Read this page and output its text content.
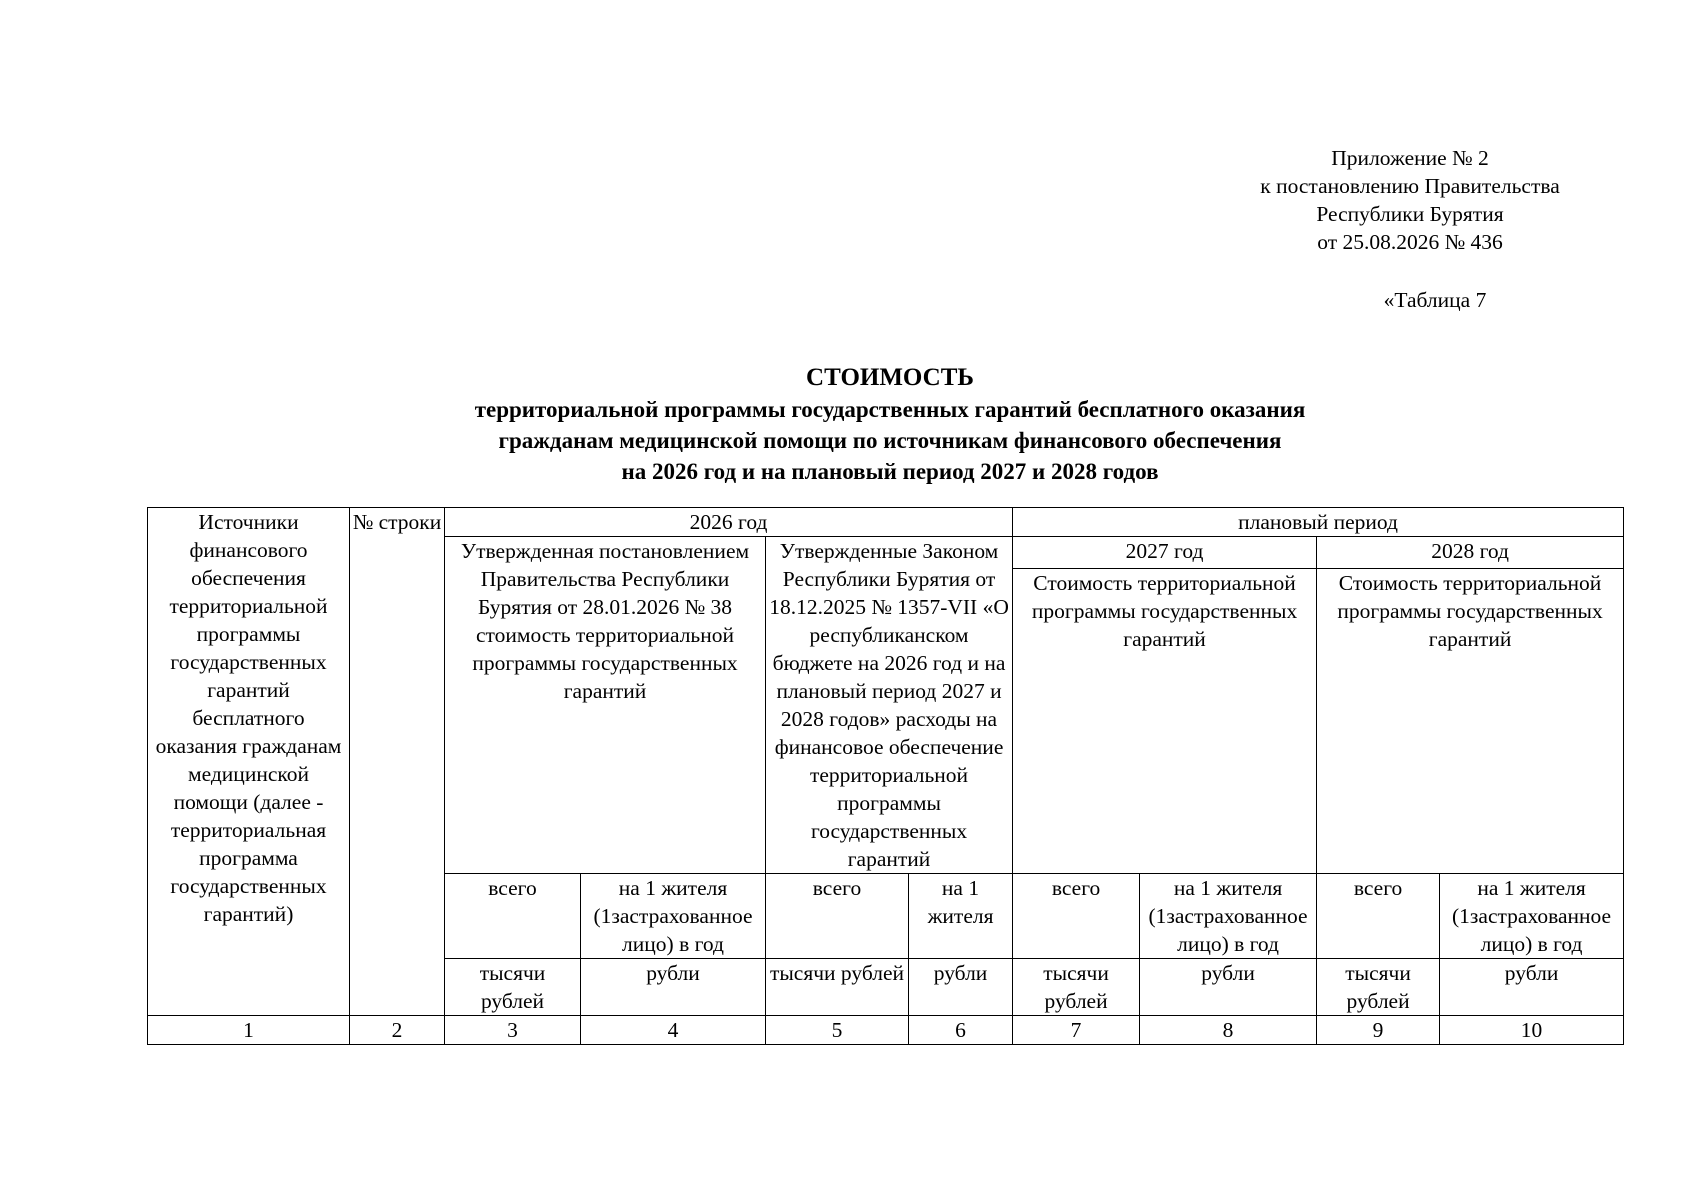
Приложение № 2
к постановлению Правительства
Республики Бурятия
от 25.08.2026 № 436
«Таблица 7
СТОИМОСТЬ
территориальной программы государственных гарантий бесплатного оказания
гражданам медицинской помощи по источникам финансового обеспечения
на 2026 год и на плановый период 2027 и 2028 годов
Источники финансового обеспечения территориальной программы государственных гарантий бесплатного оказания гражданам медицинской помощи (далее - территориальная программа государственных гарантий)	№ строки	2026 год				плановый период			
		Утвержденная постановлением Правительства Республики Бурятия от 28.01.2026 № 38 стоимость территориальной программы государственных гарантий		Утвержденные Законом Республики Бурятия от 18.12.2025 № 1357-VII «О республиканском бюджете на 2026 год и на плановый период 2027 и 2028 годов» расходы на финансовое обеспечение территориальной программы государственных гарантий		2027 год		2028 год	
						Стоимость территориальной программы государственных гарантий		Стоимость территориальной программы государственных гарантий	
		всего	на 1 жителя (1застрахованное лицо) в год	всего	на 1 жителя	всего	на 1 жителя (1застрахованное лицо) в год	всего	на 1 жителя (1застрахованное лицо) в год
		тысячи рублей	рубли	тысячи рублей	рубли	тысячи рублей	рубли	тысячи рублей	рубли
1	2	3	4	5	6	7	8	9	10
